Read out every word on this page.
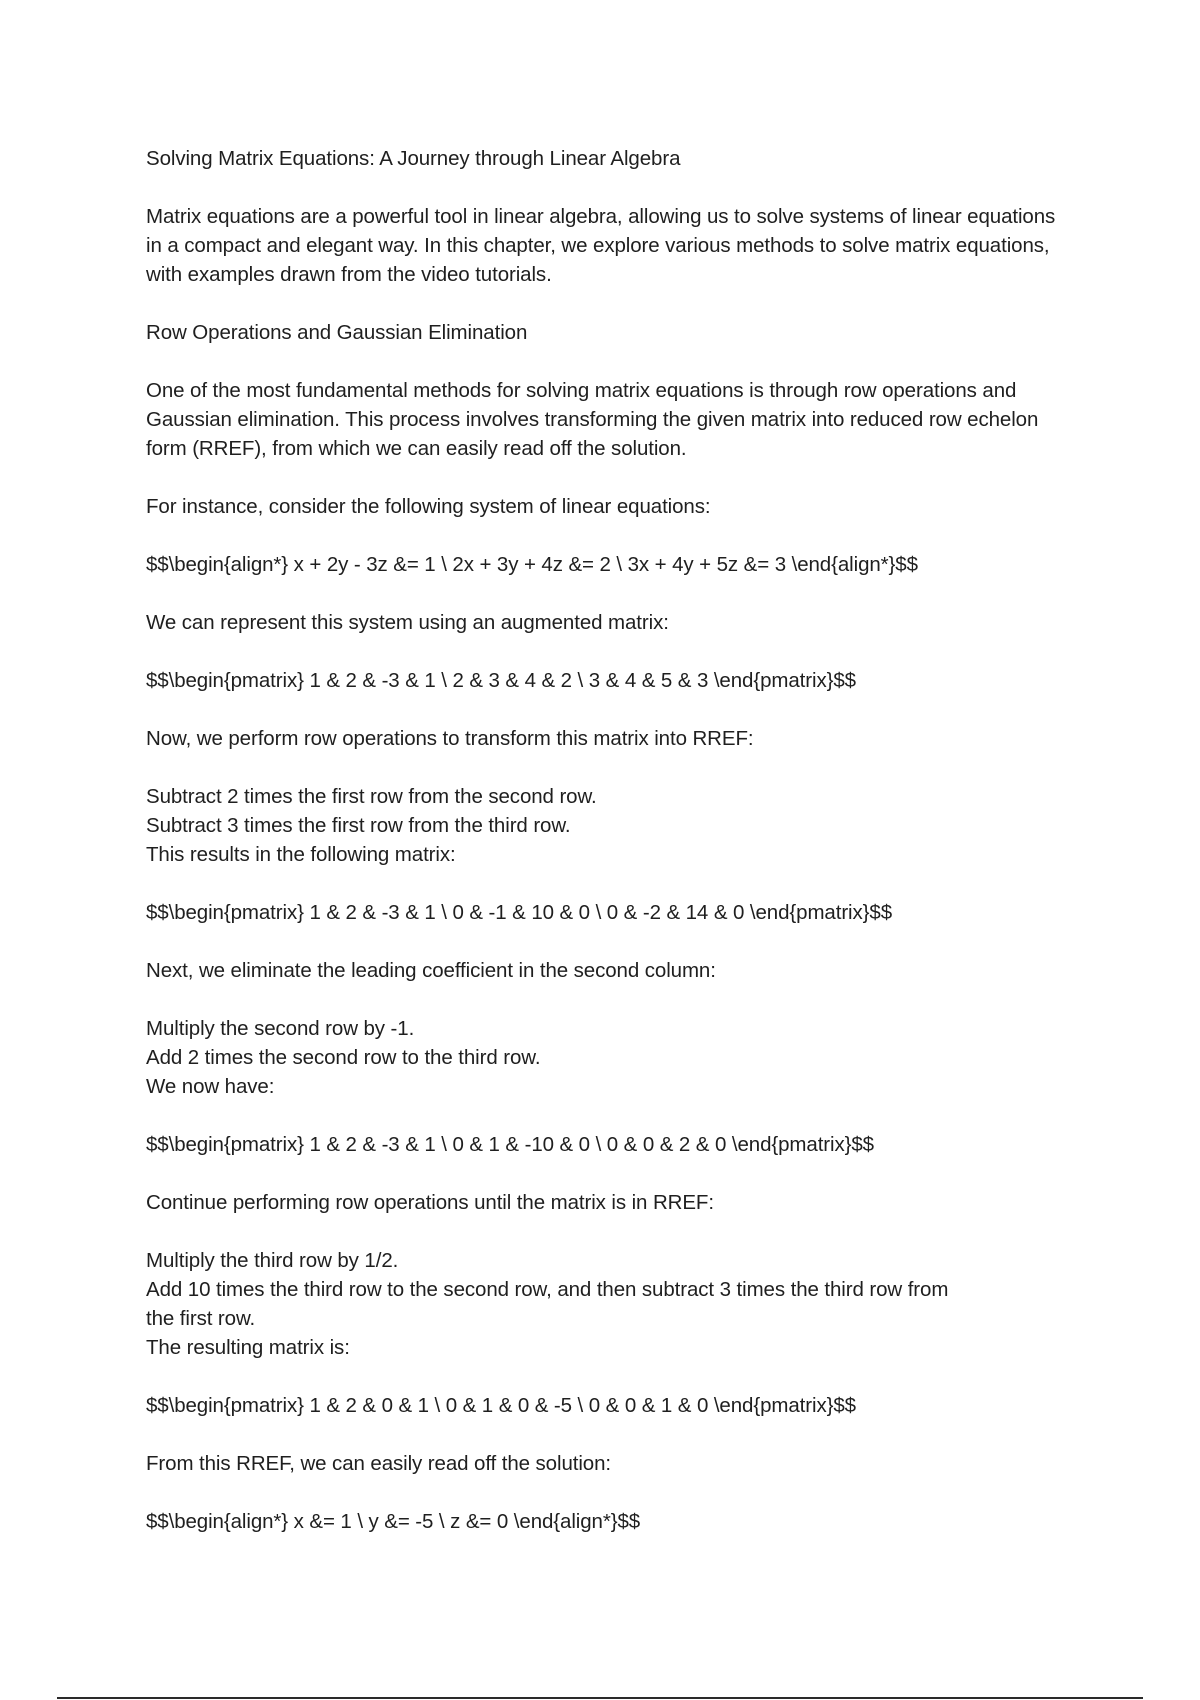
Solving Matrix Equations: A Journey through Linear Algebra

Matrix equations are a powerful tool in linear algebra, allowing us to solve systems of linear equations in a compact and elegant way. In this chapter, we explore various methods to solve matrix equations, with examples drawn from the video tutorials.

Row Operations and Gaussian Elimination

One of the most fundamental methods for solving matrix equations is through row operations and Gaussian elimination. This process involves transforming the given matrix into reduced row echelon form (RREF), from which we can easily read off the solution.

For instance, consider the following system of linear equations:

$$\begin{align*} x + 2y - 3z &= 1 \ 2x + 3y + 4z &= 2 \ 3x + 4y + 5z &= 3 \end{align*}$$

We can represent this system using an augmented matrix:

$$\begin{pmatrix} 1 & 2 & -3 & 1 \ 2 & 3 & 4 & 2 \ 3 & 4 & 5 & 3 \end{pmatrix}$$

Now, we perform row operations to transform this matrix into RREF:

Subtract 2 times the first row from the second row.
Subtract 3 times the first row from the third row.
This results in the following matrix:

$$\begin{pmatrix} 1 & 2 & -3 & 1 \ 0 & -1 & 10 & 0 \ 0 & -2 & 14 & 0 \end{pmatrix}$$

Next, we eliminate the leading coefficient in the second column:

Multiply the second row by -1.
Add 2 times the second row to the third row.
We now have:

$$\begin{pmatrix} 1 & 2 & -3 & 1 \ 0 & 1 & -10 & 0 \ 0 & 0 & 2 & 0 \end{pmatrix}$$

Continue performing row operations until the matrix is in RREF:

Multiply the third row by 1/2.
Add 10 times the third row to the second row, and then subtract 3 times the third row from
the first row.
The resulting matrix is:

$$\begin{pmatrix} 1 & 2 & 0 & 1 \ 0 & 1 & 0 & -5 \ 0 & 0 & 1 & 0 \end{pmatrix}$$

From this RREF, we can easily read off the solution:

$$\begin{align*} x &= 1 \ y &= -5 \ z &= 0 \end{align*}$$
